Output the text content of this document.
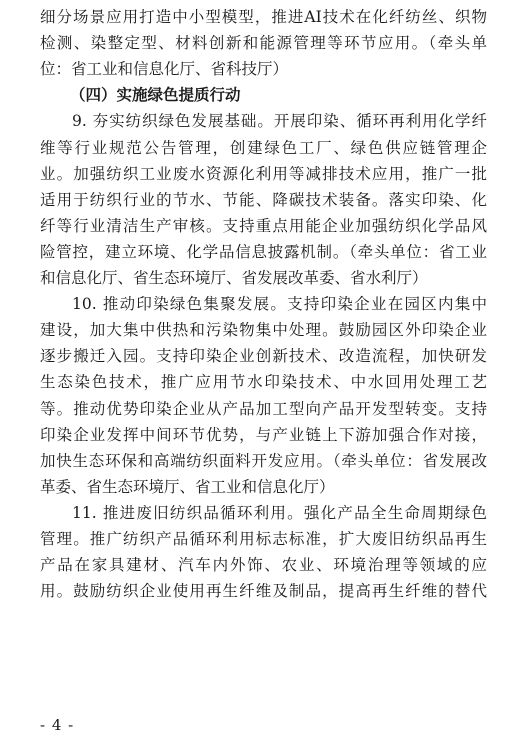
细分场景应用打造中小型模型，推进AI技术在化纤纺丝、织物
检测、染整定型、材料创新和能源管理等环节应用。（牵头单
位：省工业和信息化厅、省科技厅）
（四）实施绿色提质行动
9. 夯实纺织绿色发展基础。开展印染、循环再利用化学纤
维等行业规范公告管理，创建绿色工厂、绿色供应链管理企
业。加强纺织工业废水资源化利用等减排技术应用，推广一批
适用于纺织行业的节水、节能、降碳技术装备。落实印染、化
纤等行业清洁生产审核。支持重点用能企业加强纺织化学品风
险管控，建立环境、化学品信息披露机制。（牵头单位：省工业
和信息化厅、省生态环境厅、省发展改革委、省水利厅）
10. 推动印染绿色集聚发展。支持印染企业在园区内集中
建设，加大集中供热和污染物集中处理。鼓励园区外印染企业
逐步搬迁入园。支持印染企业创新技术、改造流程，加快研发
生态染色技术，推广应用节水印染技术、中水回用处理工艺
等。推动优势印染企业从产品加工型向产品开发型转变。支持
印染企业发挥中间环节优势，与产业链上下游加强合作对接，
加快生态环保和高端纺织面料开发应用。（牵头单位：省发展改
革委、省生态环境厅、省工业和信息化厅）
11. 推进废旧纺织品循环利用。强化产品全生命周期绿色
管理。推广纺织产品循环利用标志标准，扩大废旧纺织品再生
产品在家具建材、汽车内外饰、农业、环境治理等领域的应
用。鼓励纺织企业使用再生纤维及制品，提高再生纤维的替代
- 4 -
